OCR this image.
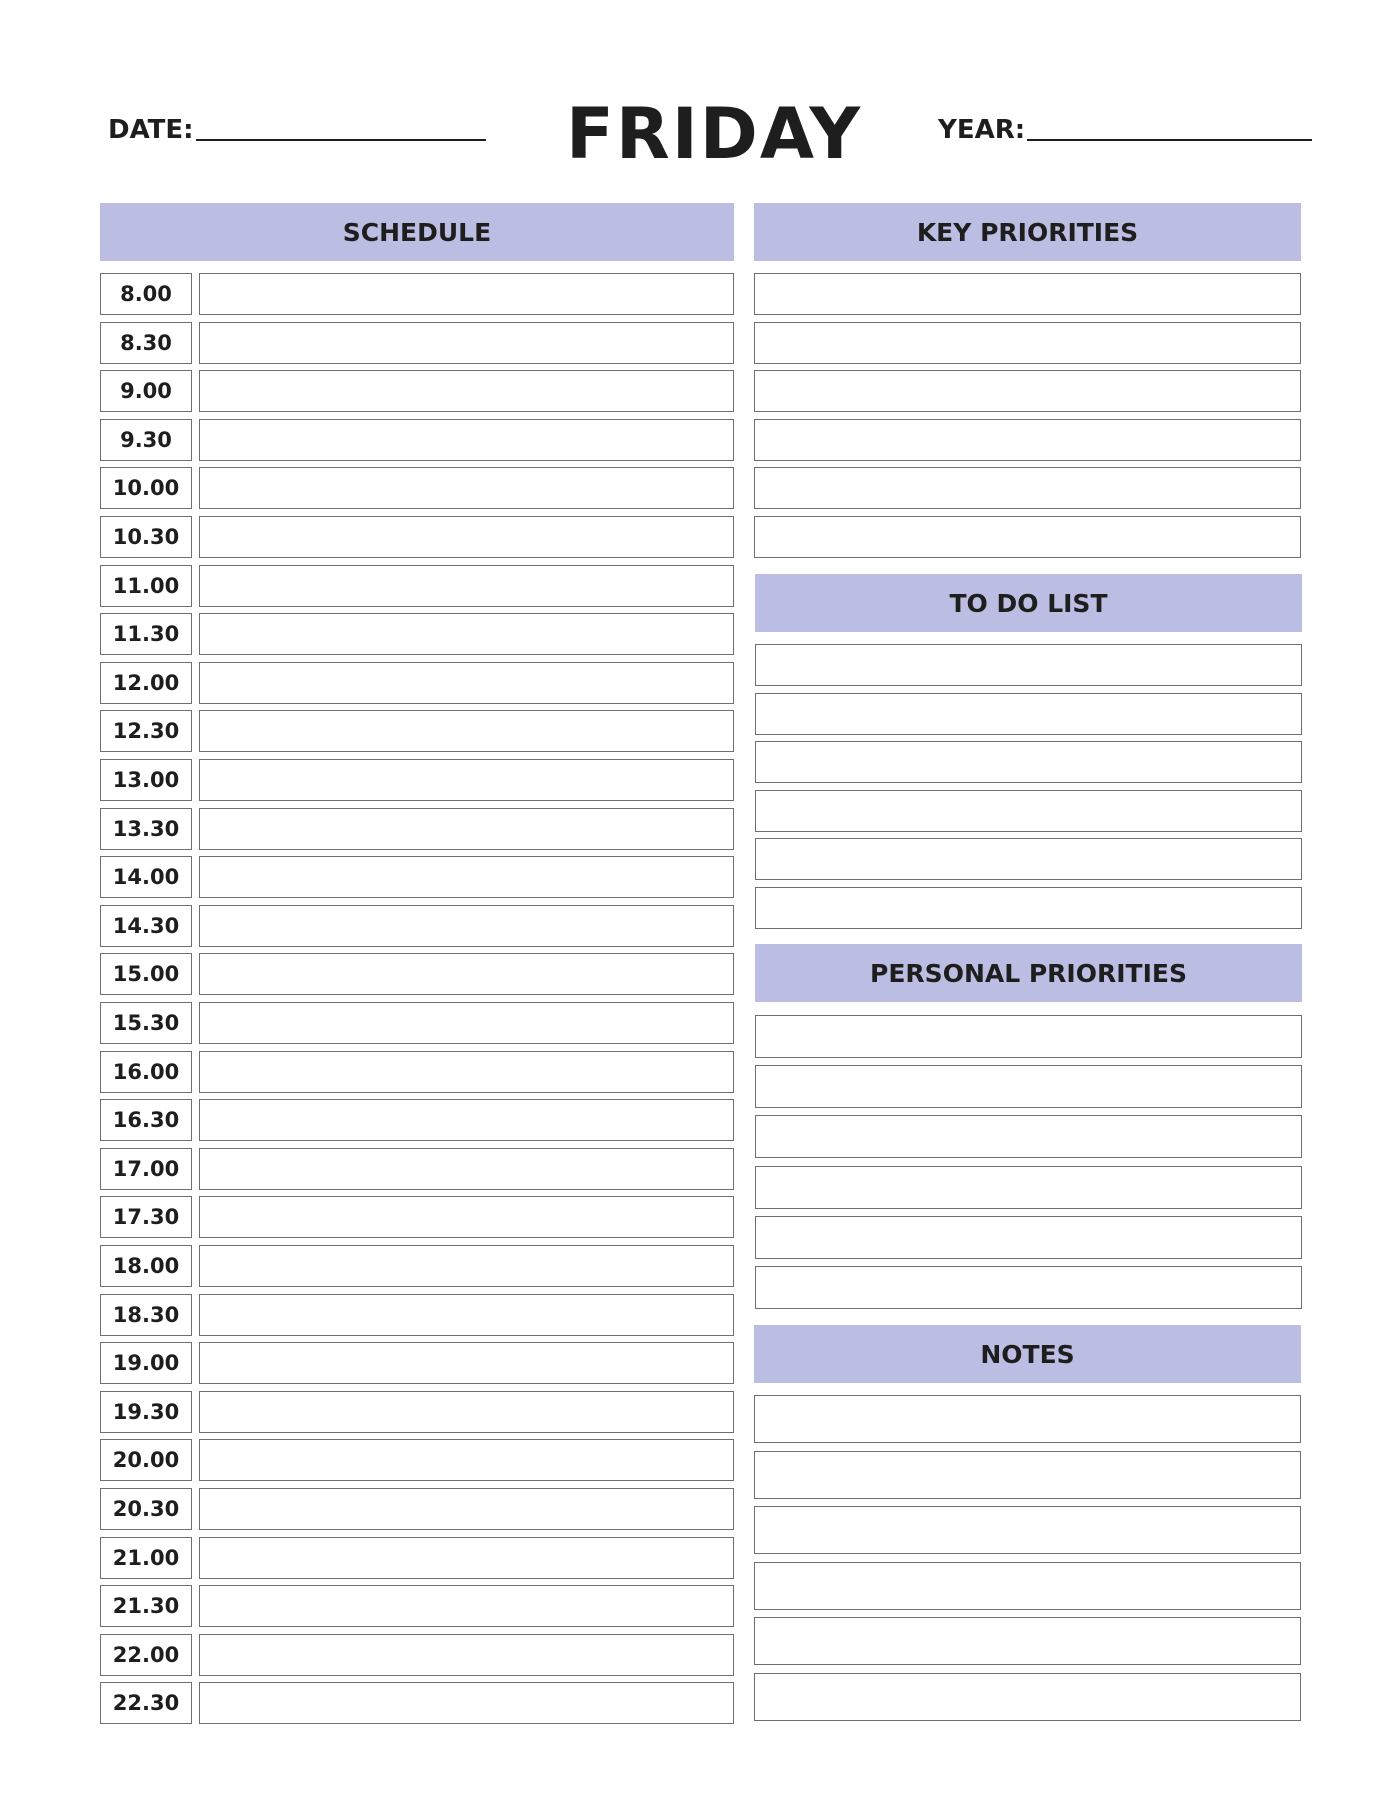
DATE:	FRIDAY	YEAR:
SCHEDULE
8.00
8.30
9.00
9.30
10.00
10.30
11.00
11.30
12.00
12.30
13.00
13.30
14.00
14.30
15.00
15.30
16.00
16.30
17.00
17.30
18.00
18.30
19.00
19.30
20.00
20.30
21.00
21.30
22.00
22.30
KEY PRIORITIES
TO DO LIST
PERSONAL PRIORITIES
NOTES
